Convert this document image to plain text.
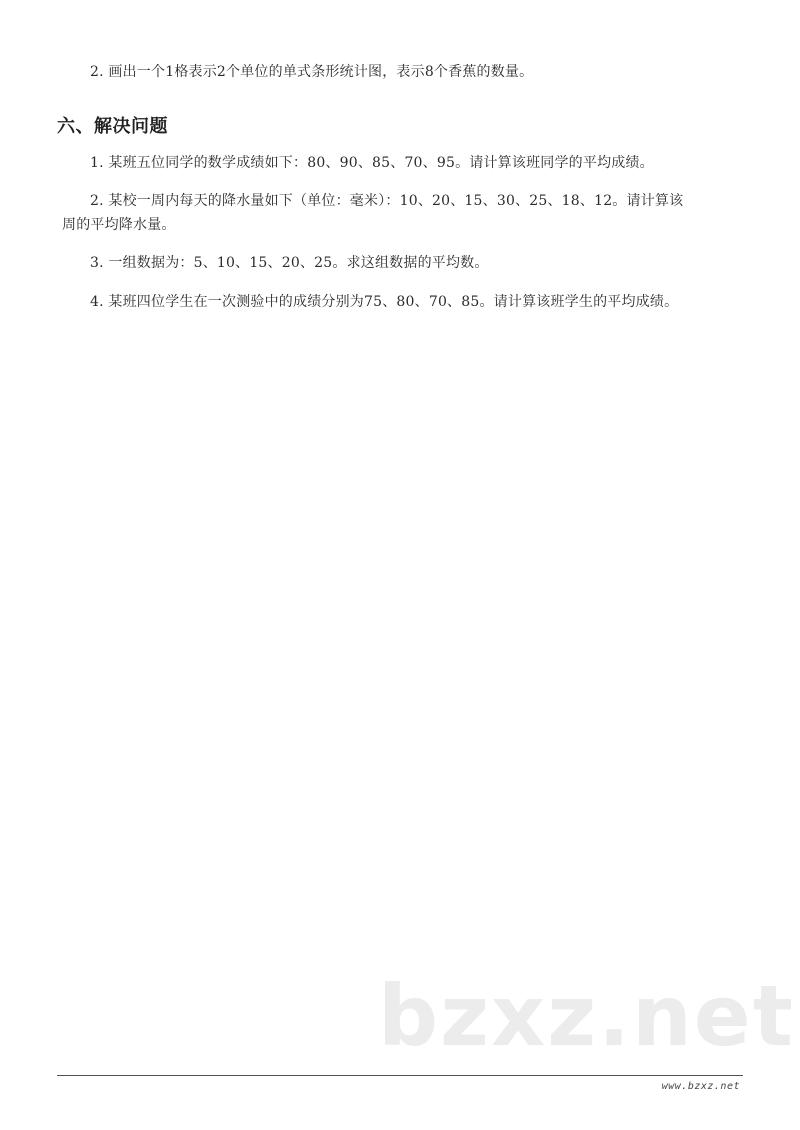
2. 画出一个1格表示2个单位的单式条形统计图，表示8个香蕉的数量。
六、解决问题
1. 某班五位同学的数学成绩如下：80、90、85、70、95。请计算该班同学的平均成绩。
2. 某校一周内每天的降水量如下（单位：毫米）：10、20、15、30、25、18、12。请计算该
周的平均降水量。
3. 一组数据为：5、10、15、20、25。求这组数据的平均数。
4. 某班四位学生在一次测验中的成绩分别为75、80、70、85。请计算该班学生的平均成绩。
bzxz.net
www.bzxz.net
